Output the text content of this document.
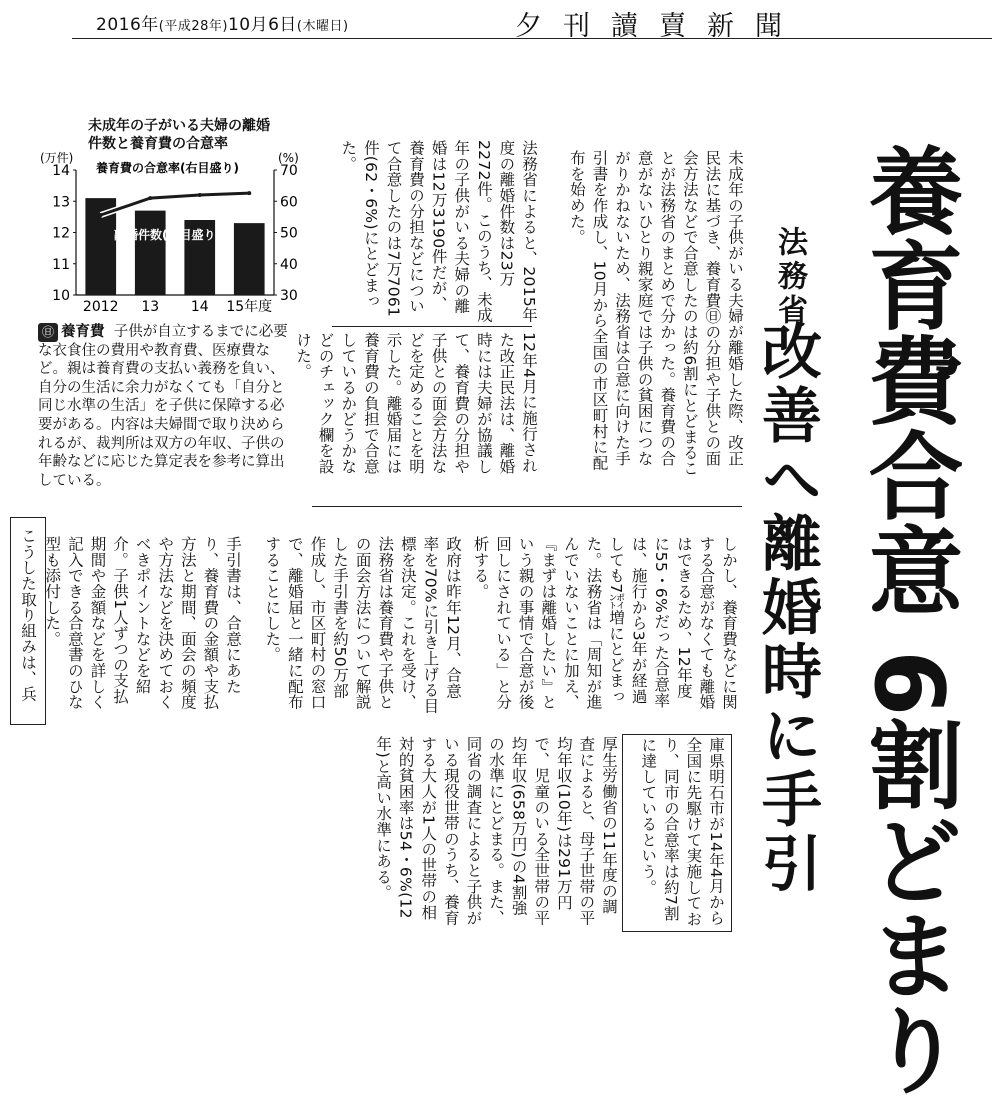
2016年(平成28年)10月6日(木曜日)	夕刊讀賣新聞
養育費合意 6割どまり
法務省
改善へ離婚時に手引
未成年の子供がいる夫婦が離婚した際、改正民法に基づき、養育費㊐の分担や子供との面会方法などで合意したのは約6割にとどまることが法務省のまとめで分かった。養育費の合意がないひとり親家庭では子供の貧困につながりかねないため、法務省は合意に向けた手引書を作成し、10月から全国の市区町村に配布を始めた。
法務省によると、2015年度の離婚件数は23万2272件。このうち、未成年の子供がいる夫婦の離婚は12万3190件だが、養育費の分担などについて合意したのは7万7061件(62・6%)にとどまった。
12年4月に施行された改正民法は、離婚時には夫婦が協議して、養育費の分担や子供との面会方法などを定めることを明示した。離婚届には養育費の負担で合意しているかどうかなどのチェック欄を設けた。
しかし、養育費などに関する合意がなくても離婚はできるため、12年度に55・6%だった合意率は、施行から3年が経過しても7㌽増にとどまった。法務省は「周知が進んでいないことに加え、『まずは離婚したい』という親の事情で合意が後回しにされている」と分析する。
政府は昨年12月、合意率を70%に引き上げる目標を決定。これを受け、法務省は養育費や子供との面会方法について解説した手引書を約50万部作成し、市区町村の窓口で、離婚届と一緒に配布することにした。
手引書は、合意にあたり、養育費の金額や支払方法と期間、面会の頻度や方法などを決めておくべきポイントなどを紹介。子供1人ずつの支払期間や金額などを詳しく記入できる合意書のひな型も添付した。
こうした取り組みは、兵
庫県明石市が14年4月から全国に先駆けて実施しており、同市の合意率は約7割に達しているという。
厚生労働省の11年度の調査によると、母子世帯の平均年収(10年)は291万円で、児童のいる全世帯の平均年収(658万円)の4割強の水準にとどまる。また、同省の調査によると子供がいる現役世帯のうち、養育する大人が1人の世帯の相対的貧困率は54・6%(12年)と高い水準にある。
未成年の子がいる夫婦の離婚件数と養育費の合意率
(万件)	(%)
10
11
12
13
14
30
40
50
60
70
2012 13 14 15年度
養育費の合意率(右目盛り)
離婚件数(左目盛り)
㊐ 養育費 子供が自立するまでに必要な衣食住の費用や教育費、医療費など。親は養育費の支払い義務を負い、自分の生活に余力がなくても「自分と同じ水準の生活」を子供に保障する必要がある。内容は夫婦間で取り決められるが、裁判所は双方の年収、子供の年齢などに応じた算定表を参考に算出している。
